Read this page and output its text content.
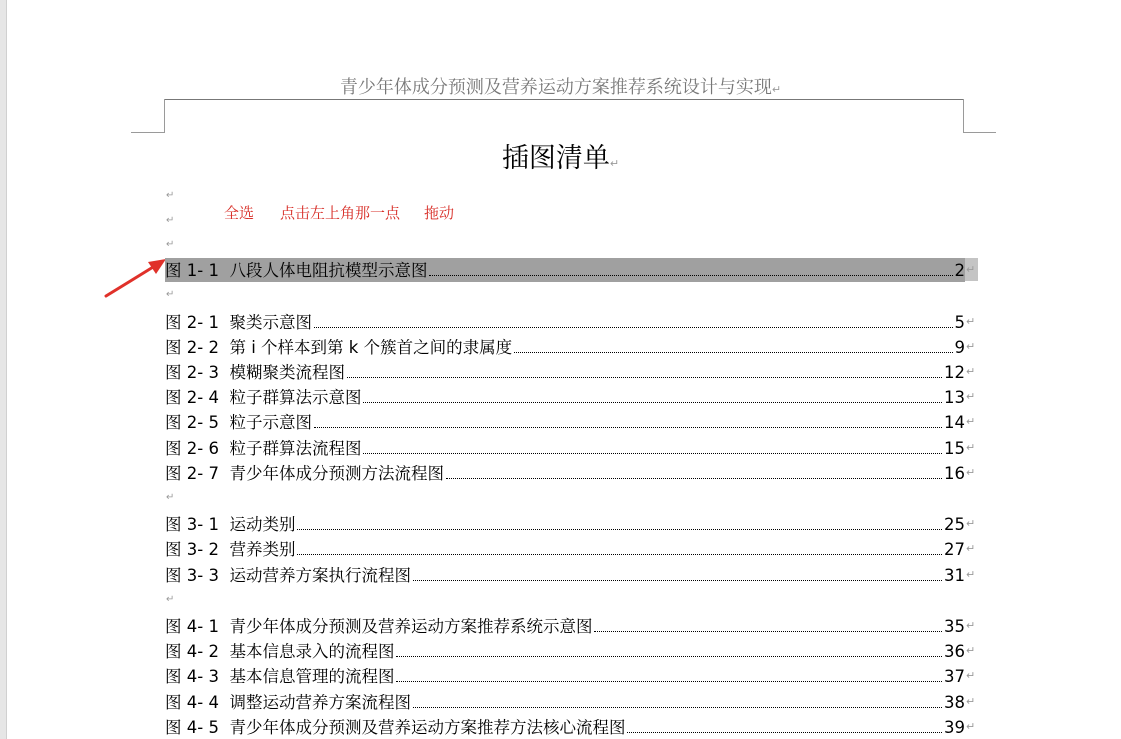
青少年体成分预测及营养运动方案推荐系统设计与实现↵
插图清单↵
↵
↵
↵
全选 点击左上角那一点 拖动
图 1- 1 八段人体电阻抗模型示意图	2 ↵
↵
图 2- 1 聚类示意图	5 ↵
图 2- 2 第 i 个样本到第 k 个簇首之间的隶属度	9 ↵
图 2- 3 模糊聚类流程图	12 ↵
图 2- 4 粒子群算法示意图	13 ↵
图 2- 5 粒子示意图	14 ↵
图 2- 6 粒子群算法流程图	15 ↵
图 2- 7 青少年体成分预测方法流程图	16 ↵
↵
图 3- 1 运动类别	25 ↵
图 3- 2 营养类别	27 ↵
图 3- 3 运动营养方案执行流程图	31 ↵
↵
图 4- 1 青少年体成分预测及营养运动方案推荐系统示意图	35 ↵
图 4- 2 基本信息录入的流程图	36 ↵
图 4- 3 基本信息管理的流程图	37 ↵
图 4- 4 调整运动营养方案流程图	38 ↵
图 4- 5 青少年体成分预测及营养运动方案推荐方法核心流程图	39 ↵
